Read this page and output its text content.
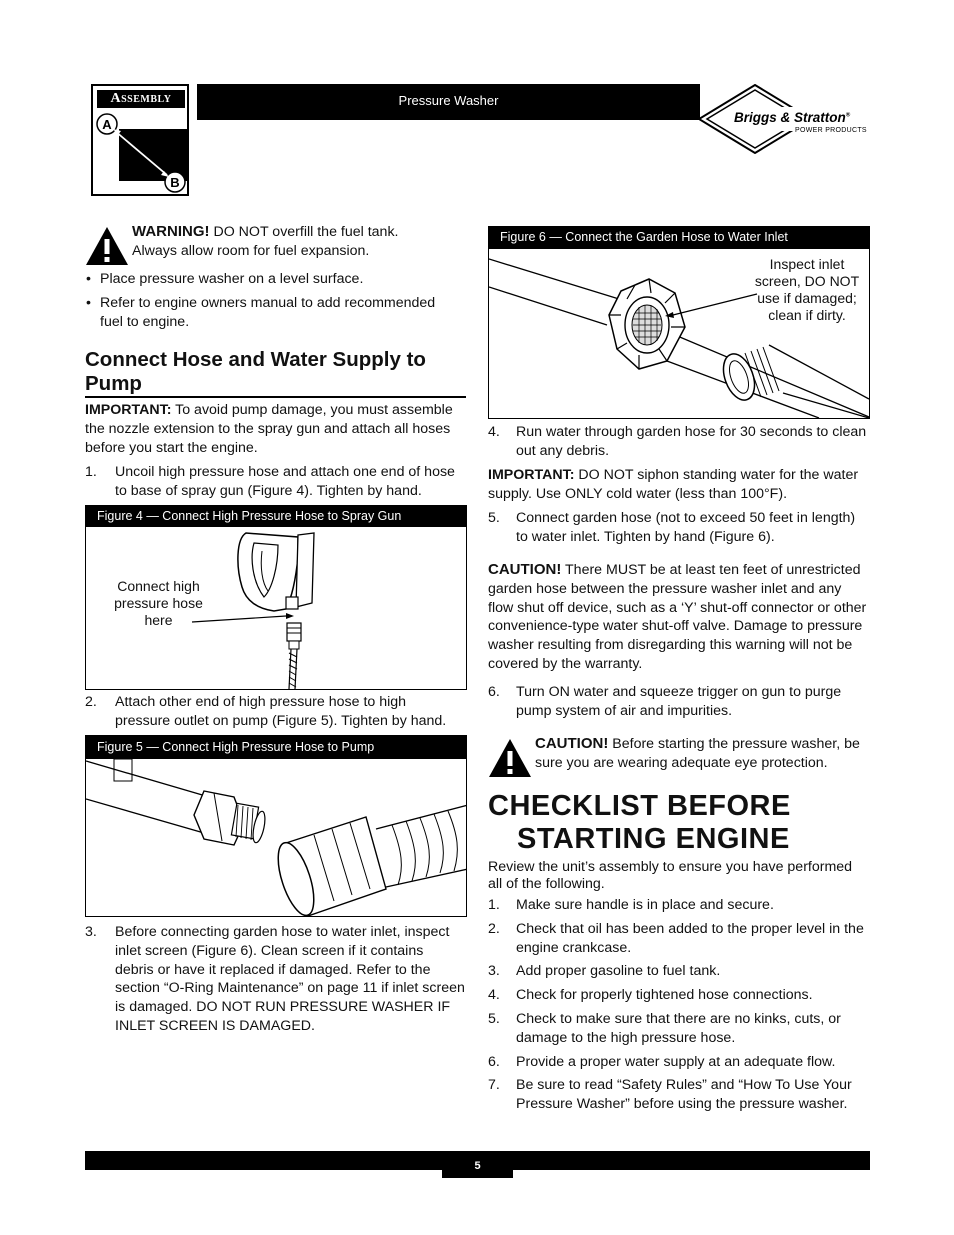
Assembly
A
B
Pressure Washer
Briggs & Stratton®
POWER PRODUCTS
WARNING! DO NOT overfill the fuel tank. Always allow room for fuel expansion.
• Place pressure washer on a level surface.
• Refer to engine owners manual to add recommended fuel to engine.
Connect Hose and Water Supply to Pump
IMPORTANT: To avoid pump damage, you must assemble the nozzle extension to the spray gun and attach all hoses before you start the engine.
1.	Uncoil high pressure hose and attach one end of hose to base of spray gun (Figure 4). Tighten by hand.
Figure 4 — Connect High Pressure Hose to Spray Gun
Connect high pressure hose here
2.	Attach other end of high pressure hose to high pressure outlet on pump (Figure 5). Tighten by hand.
Figure 5 — Connect High Pressure Hose to Pump
3.	Before connecting garden hose to water inlet, inspect inlet screen (Figure 6). Clean screen if it contains debris or have it replaced if damaged. Refer to the section “O-Ring Maintenance” on page 11 if inlet screen is damaged. DO NOT RUN PRESSURE WASHER IF INLET SCREEN IS DAMAGED.
Figure 6 — Connect the Garden Hose to Water Inlet
Inspect inlet screen, DO NOT use if damaged; clean if dirty.
4.	Run water through garden hose for 30 seconds to clean out any debris.
IMPORTANT: DO NOT siphon standing water for the water supply. Use ONLY cold water (less than 100°F).
5.	Connect garden hose (not to exceed 50 feet in length) to water inlet. Tighten by hand (Figure 6).
CAUTION! There MUST be at least ten feet of unrestricted garden hose between the pressure washer inlet and any flow shut off device, such as a ‘Y’ shut-off connector or other convenience-type water shut-off valve. Damage to pressure washer resulting from disregarding this warning will not be covered by the warranty.
6.	Turn ON water and squeeze trigger on gun to purge pump system of air and impurities.
CAUTION! Before starting the pressure washer, be sure you are wearing adequate eye protection.
CHECKLIST BEFORE
STARTING ENGINE
Review the unit’s assembly to ensure you have performed all of the following.
1.	Make sure handle is in place and secure.
2.	Check that oil has been added to the proper level in the engine crankcase.
3.	Add proper gasoline to fuel tank.
4.	Check for properly tightened hose connections.
5.	Check to make sure that there are no kinks, cuts, or damage to the high pressure hose.
6.	Provide a proper water supply at an adequate flow.
7.	Be sure to read “Safety Rules” and “How To Use Your Pressure Washer” before using the pressure washer.
5
